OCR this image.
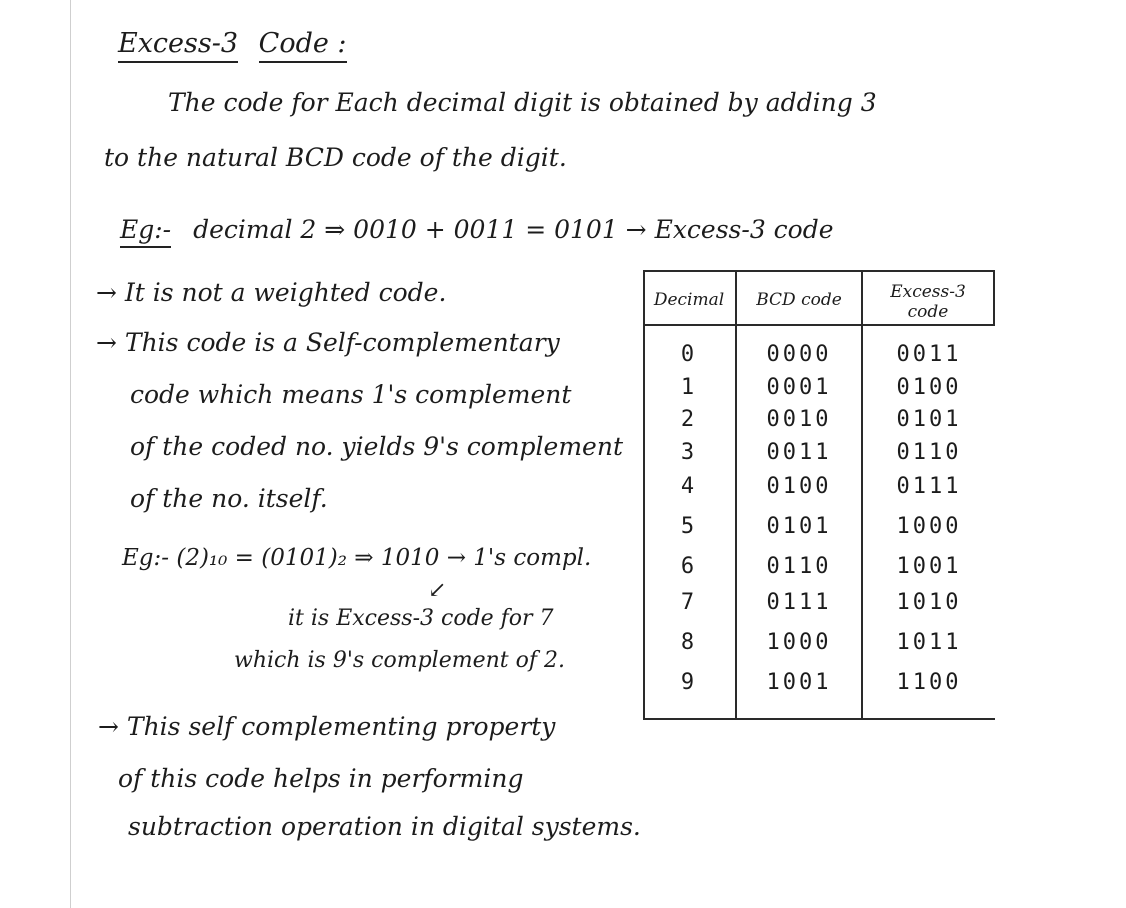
Excess-3 Code :
The code for Each decimal digit is obtained by adding 3
to the natural BCD code of the digit.
Eg:- decimal 2 ⇒ 0010 + 0011 = 0101 → Excess-3 code
→ It is not a weighted code.
→ This code is a Self-complementary
code which means 1's complement
of the coded no. yields 9's complement
of the no. itself.
Eg:- (2)₁₀ = (0101)₂ ⇒ 1010 → 1's compl.
↙
it is Excess-3 code for 7
which is 9's complement of 2.
→ This self complementing property
of this code helps in performing
subtraction operation in digital systems.
Decimal	BCD code	Excess-3
code
0	0000	0011
1	0001	0100
2	0010	0101
3	0011	0110
4	0100	0111
5	0101	1000
6	0110	1001
7	0111	1010
8	1000	1011
9	1001	1100
